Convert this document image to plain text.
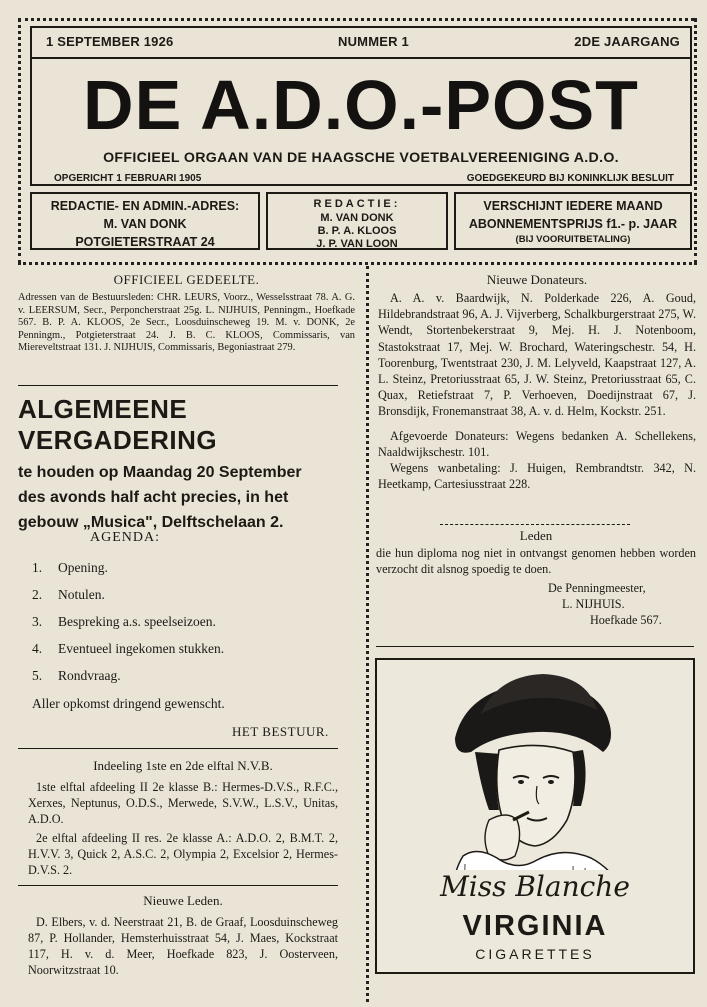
1 SEPTEMBER 1926	NUMMER 1	2DE JAARGANG
DE A.D.O.-POST
OFFICIEEL ORGAAN VAN DE HAAGSCHE VOETBALVEREENIGING A.D.O.
OPGERICHT 1 FEBRUARI 1905	GOEDGEKEURD BIJ KONINKLIJK BESLUIT
REDACTIE- EN ADMIN.-ADRES:
M. VAN DONK
POTGIETERSTRAAT 24
REDACTIE:
M. VAN DONK
B. P. A. KLOOS
J. P. VAN LOON
VERSCHIJNT IEDERE MAAND
ABONNEMENTSPRIJS f1.- p. JAAR
(BIJ VOORUITBETALING)
OFFICIEEL GEDEELTE.
Adressen van de Bestuursleden: CHR. LEURS, Voorz., Wesselsstraat 78. A. G. v. LEERSUM, Secr., Perponcherstraat 25g. L. NIJHUIS, Penningm., Hoefkade 567. B. P. A. KLOOS, 2e Secr., Loosduinscheweg 19. M. v. DONK, 2e Penningm., Potgieterstraat 24. J. B. C. KLOOS, Commissaris, van Miereveltstraat 131. J. NIJHUIS, Commissaris, Begoniastraat 279.
ALGEMEENE VERGADERING
te houden op Maandag 20 September
des avonds half acht precies, in het
gebouw „Musica", Delftschelaan 2.
AGENDA:
1.	Opening.
2.	Notulen.
3.	Bespreking a.s. speelseizoen.
4.	Eventueel ingekomen stukken.
5.	Rondvraag.
Aller opkomst dringend gewenscht.
HET BESTUUR.
Indeeling 1ste en 2de elftal N.V.B.
1ste elftal afdeeling II 2e klasse B.: Hermes-D.V.S., R.F.C., Xerxes, Neptunus, O.D.S., Merwede, S.V.W., L.S.V., Unitas, A.D.O.
2e elftal afdeeling II res. 2e klasse A.: A.D.O. 2, B.M.T. 2, H.V.V. 3, Quick 2, A.S.C. 2, Olympia 2, Excelsior 2, Hermes-D.V.S. 2.
Nieuwe Leden.
D. Elbers, v. d. Neerstraat 21, B. de Graaf, Loosduinscheweg 87, P. Hollander, Hemsterhuisstraat 54, J. Maes, Kockstraat 117, H. v. d. Meer, Hoefkade 823, J. Oosterveen, Noorwitzstraat 10.
Nieuwe Donateurs.
A. A. v. Baardwijk, N. Polderkade 226, A. Goud, Hildebrandstraat 96, A. J. Vijverberg, Schalkburgerstraat 275, W. Wendt, Stortenbekerstraat 9, Mej. H. J. Notenboom, Stastokstraat 17, Mej. W. Brochard, Wateringschestr. 54, H. Toorenburg, Twentstraat 230, J. M. Lelyveld, Kaapstraat 127, A. L. Steinz, Pretoriusstraat 65, J. W. Steinz, Pretoriusstraat 65, C. Quax, Retiefstraat 7, P. Verhoeven, Doedijnstraat 67, J. Bronsdijk, Fronemanstraat 38, A. v. d. Helm, Kockstr. 251.
Afgevoerde Donateurs: Wegens bedanken A. Schellekens, Naaldwijkschestr. 101.
Wegens wanbetaling: J. Huigen, Rembrandtstr. 342, N. Heetkamp, Cartesiusstraat 228.
Leden
die hun diploma nog niet in ontvangst genomen hebben worden verzocht dit alsnog spoedig te doen.
De Penningmeester,
L. NIJHUIS.
Hoefkade 567.
Miss Blanche
VIRGINIA
CIGARETTES
